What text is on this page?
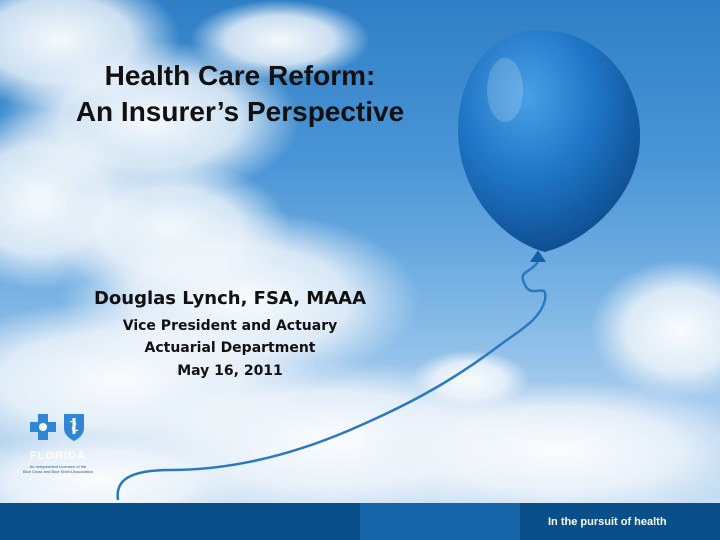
Health Care Reform:
An Insurer’s Perspective
Douglas Lynch, FSA, MAAA
Vice President and Actuary
Actuarial Department
May 16, 2011
FLORIDA
An Independent Licensee of the
Blue Cross and Blue Shield Association
In the pursuit of health
